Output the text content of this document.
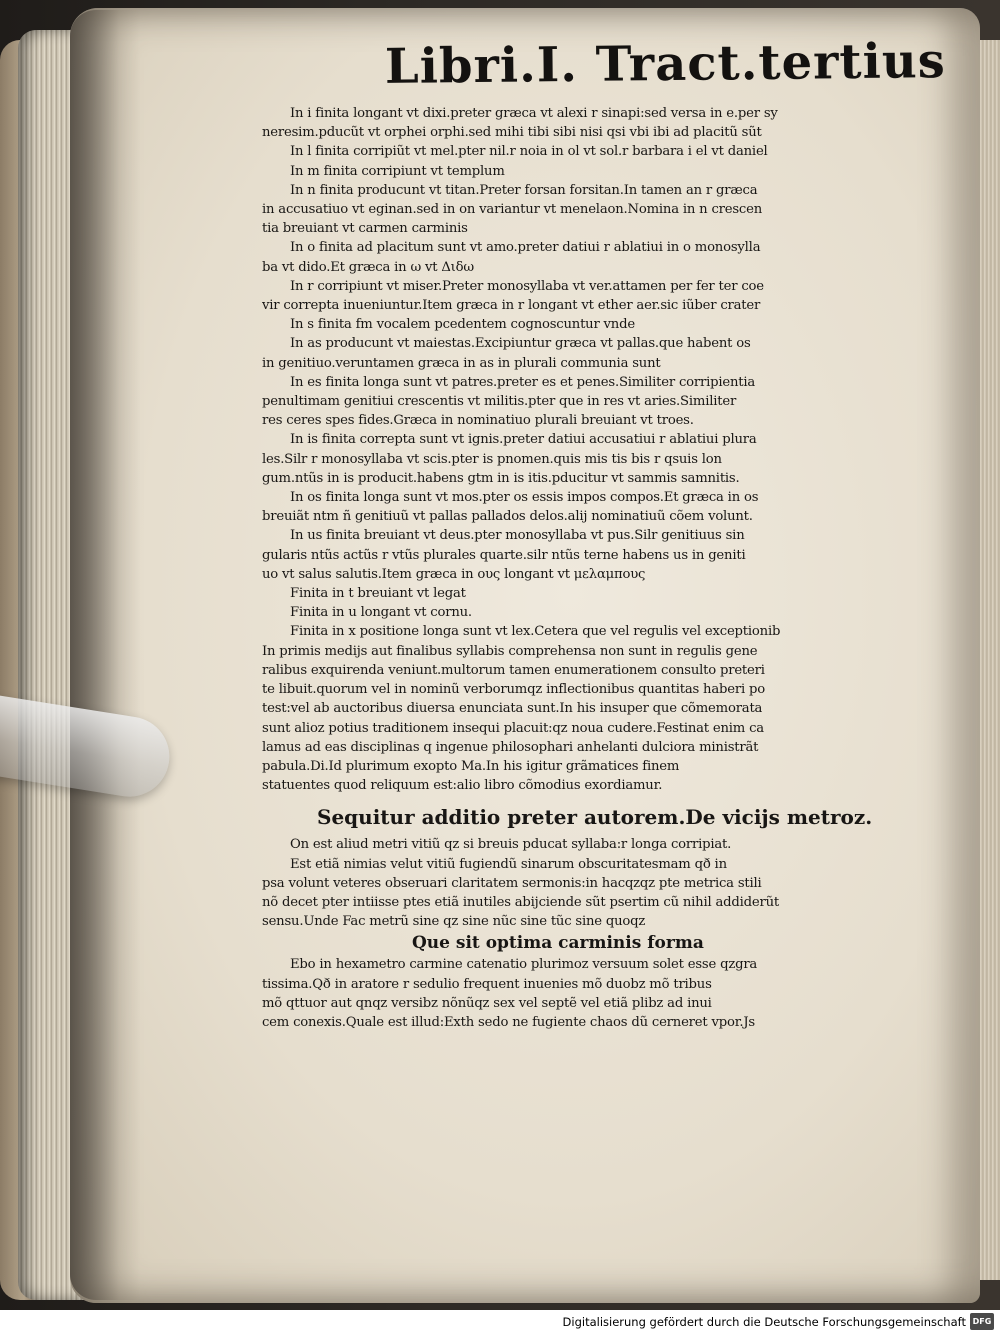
Libri.I. Tract.tertius
In i finita longant vt dixi.preter græca vt alexi r sinapi:sed versa in e.per sy
neresim.pducũt vt orphei orphi.sed mihi tibi sibi nisi qsi vbi ibi ad placitũ sũt
In l finita corripiũt vt mel.pter nil.r noia in ol vt sol.r barbara i el vt daniel
In m finita corripiunt vt templum
In n finita producunt vt titan.Preter forsan forsitan.In tamen an r græca
in accusatiuo vt eginan.sed in on variantur vt menelaon.Nomina in n crescen
tia breuiant vt carmen carminis
In o finita ad placitum sunt vt amo.preter datiui r ablatiui in o monosylla
ba vt dido.Et græca in ω vt Διδω
In r corripiunt vt miser.Preter monosyllaba vt ver.attamen per fer ter coe
vir correpta inueniuntur.Item græca in r longant vt ether aer.sic iũber crater
In s finita fm vocalem pcedentem cognoscuntur vnde
In as producunt vt maiestas.Excipiuntur græca vt pallas.que habent os
in genitiuo.veruntamen græca in as in plurali communia sunt
In es finita longa sunt vt patres.preter es et penes.Similiter corripientia
penultimam genitiui crescentis vt militis.pter que in res vt aries.Similiter
res ceres spes fides.Græca in nominatiuo plurali breuiant vt troes.
In is finita correpta sunt vt ignis.preter datiui accusatiui r ablatiui plura
les.Silr r monosyllaba vt scis.pter is pnomen.quis mis tis bis r qsuis lon
gum.ntũs in is producit.habens gtm in is itis.pducitur vt sammis samnitis.
In os finita longa sunt vt mos.pter os essis impos compos.Et græca in os
breuiãt ntm ñ genitiuũ vt pallas pallados delos.alij nominatiuũ cõem volunt.
In us finita breuiant vt deus.pter monosyllaba vt pus.Silr genitiuus sin
gularis ntũs actũs r vtũs plurales quarte.silr ntũs terne habens us in geniti
uo vt salus salutis.Item græca in ους longant vt μελαμπους
Finita in t breuiant vt legat
Finita in u longant vt cornu.
Finita in x positione longa sunt vt lex.Cetera que vel regulis vel exceptionib
In primis medijs aut finalibus syllabis comprehensa non sunt in regulis gene
ralibus exquirenda veniunt.multorum tamen enumerationem consulto preteri
te libuit.quorum vel in nominũ verborumqz inflectionibus quantitas haberi po
test:vel ab auctoribus diuersa enunciata sunt.In his insuper que cõmemorata
sunt alioz potius traditionem insequi placuit:qz noua cudere.Festinat enim ca
lamus ad eas disciplinas q ingenue philosophari anhelanti dulciora ministrãt
pabula.Di.Id plurimum exopto Ma.In his igitur grãmatices finem
statuentes quod reliquum est:alio libro cõmodius exordiamur.
Sequitur additio preter autorem.De vicijs metroz.
On est aliud metri vitiũ qz si breuis pducat syllaba:r longa corripiat.
Est etiã nimias velut vitiũ fugiendũ sinarum obscuritatesmam qð in
psa volunt veteres obseruari claritatem sermonis:in hacqzqz pte metrica stili
nõ decet pter intiisse ptes etiã inutiles abijciende sũt psertim cũ nihil addiderũt
sensu.Unde Fac metrũ sine qz sine nũc sine tũc sine quoqz
Que sit optima carminis forma
Ebo in hexametro carmine catenatio plurimoz versuum solet esse qzgra
tissima.Qð in aratore r sedulio frequent inuenies mõ duobz mõ tribus
mõ qttuor aut qnqz versibz nõnũqz sex vel septẽ vel etiã plibz ad inui
cem conexis.Quale est illud:Exth sedo ne fugiente chaos dũ cerneret vpor.Js
Digitalisierung gefördert durch die Deutsche Forschungsgemeinschaft DFG
